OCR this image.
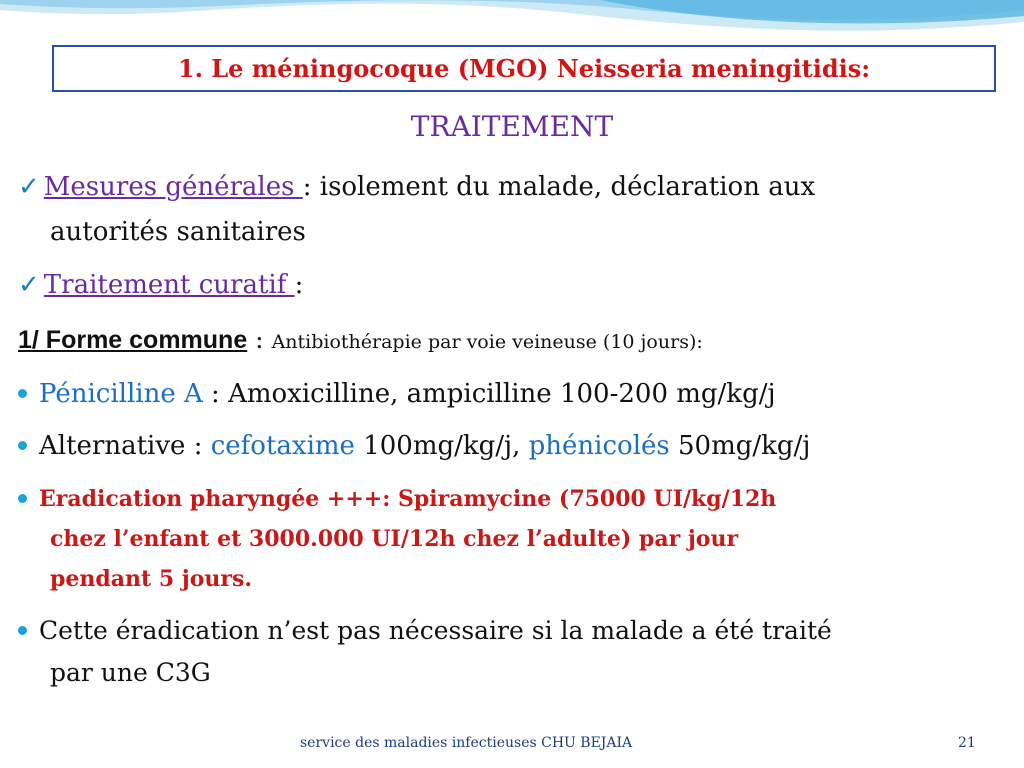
1. Le méningocoque (MGO) Neisseria meningitidis:
TRAITEMENT
✓ Mesures générales : isolement du malade, déclaration aux
autorités sanitaires
✓ Traitement curatif :
1/ Forme commune : Antibiothérapie par voie veineuse (10 jours):
Pénicilline A : Amoxicilline, ampicilline 100-200 mg/kg/j
Alternative : cefotaxime 100mg/kg/j, phénicolés 50mg/kg/j
Eradication pharyngée +++: Spiramycine (75000 UI/kg/12h
chez l’enfant et 3000.000 UI/12h chez l’adulte) par jour
pendant 5 jours.
Cette éradication n’est pas nécessaire si la malade a été traité
par une C3G
service des maladies infectieuses CHU BEJAIA	21
